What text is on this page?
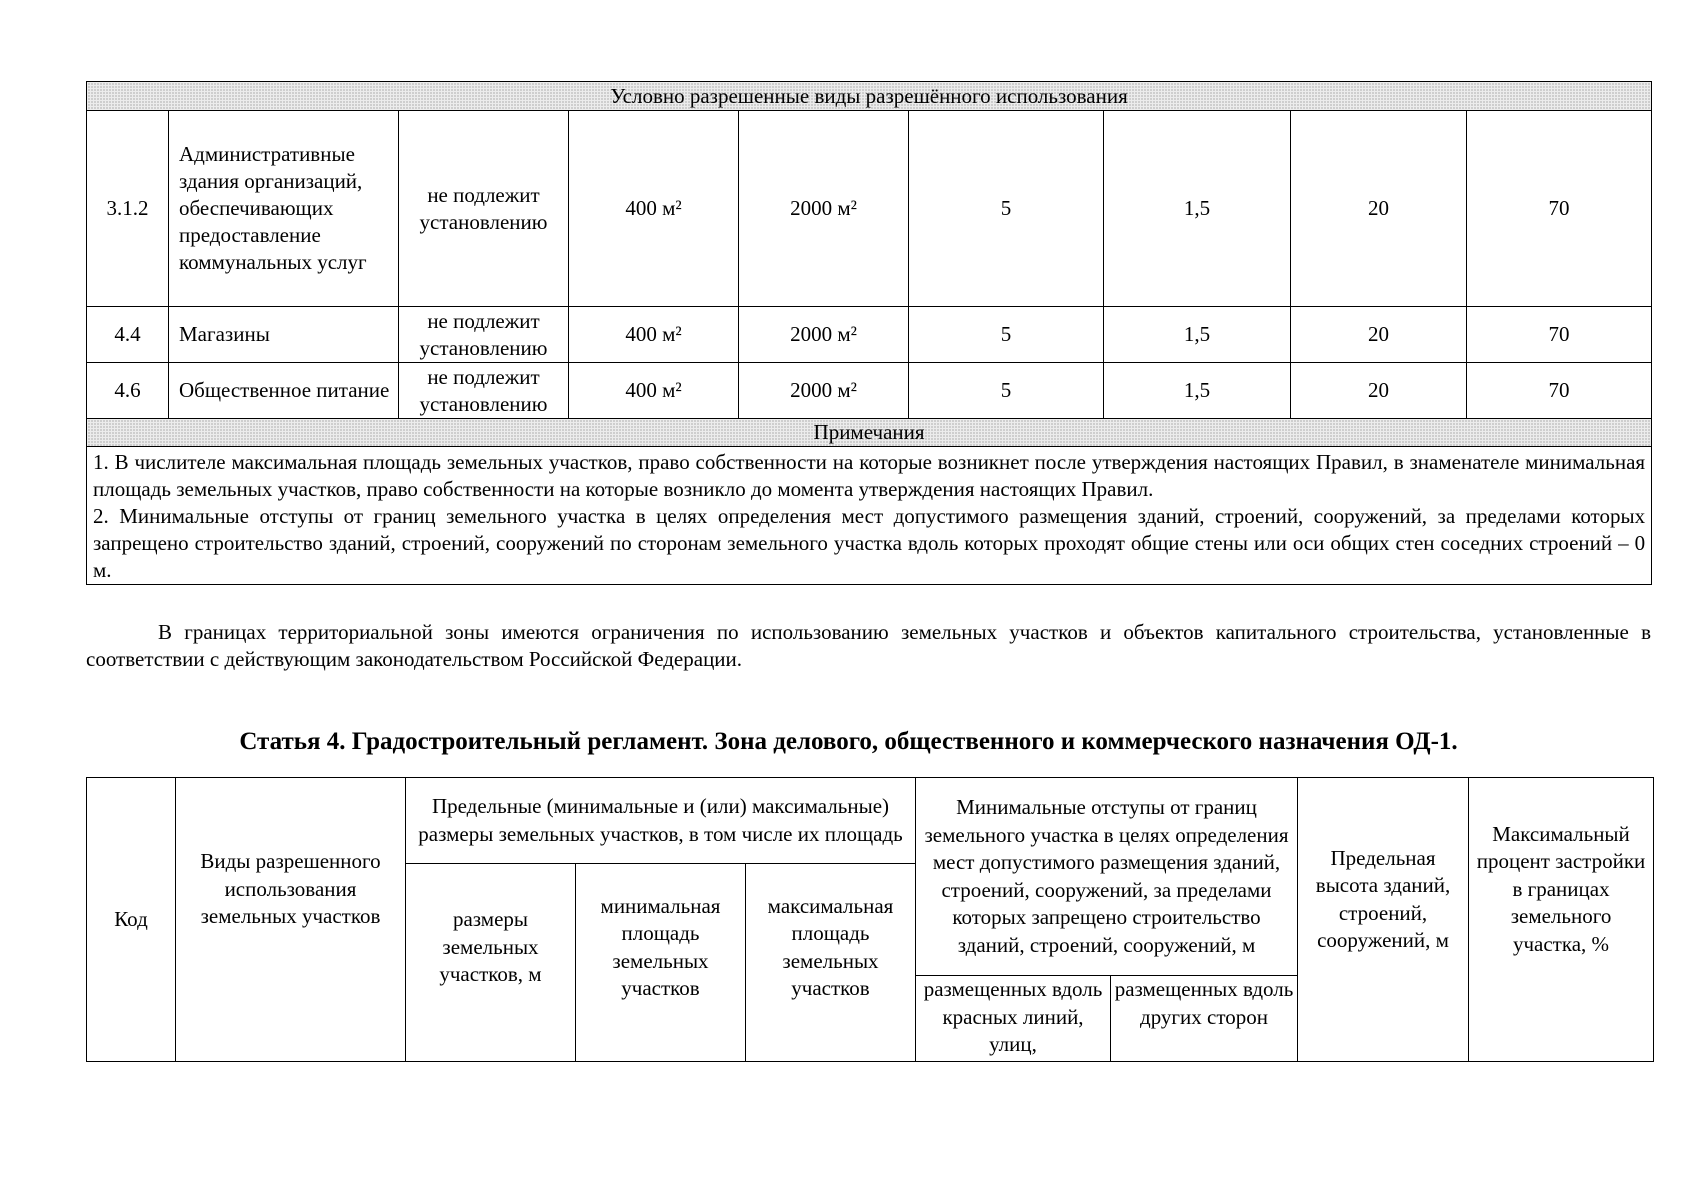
Условно разрешенные виды разрешённого использования								
3.1.2	Административные здания организаций, обеспечивающих предоставление коммунальных услуг	не подлежит установлению	400 м²	2000 м²	5	1,5	20	70
4.4	Магазины	не подлежит установлению	400 м²	2000 м²	5	1,5	20	70
4.6	Общественное питание	не подлежит установлению	400 м²	2000 м²	5	1,5	20	70
Примечания								

1. В числителе максимальная площадь земельных участков, право собственности на которые возникнет после утверждения настоящих Правил, в знаменателе минимальная площадь земельных участков, право собственности на которые возникло до момента утверждения настоящих Правил.

2. Минимальные отступы от границ земельного участка в целях определения мест допустимого размещения зданий, строений, сооружений, за пределами которых запрещено строительство зданий, строений, сооружений по сторонам земельного участка вдоль которых проходят общие стены или оси общих стен соседних строений – 0 м.								

В границах территориальной зоны имеются ограничения по использованию земельных участков и объектов капитального строительства, установленные в соответствии с действующим законодательством Российской Федерации.

Статья 4. Градостроительный регламент. Зона делового, общественного и коммерческого назначения ОД-1.
Код	Виды разрешенного использования земельных участков	Предельные (минимальные и (или) максимальные) размеры земельных участков, в том числе их площадь			Минимальные отступы от границ земельного участка в целях определения мест допустимого размещения зданий, строений, сооружений, за пределами которых запрещено строительство зданий, строений, сооружений, м		Предельная высота зданий, строений, сооружений, м	Максимальный процент застройки в границах земельного участка, %
		размеры земельных участков, м	минимальная площадь земельных участков	максимальная площадь земельных участков				
					размещенных вдоль красных линий, улиц,	размещенных вдоль других сторон		
